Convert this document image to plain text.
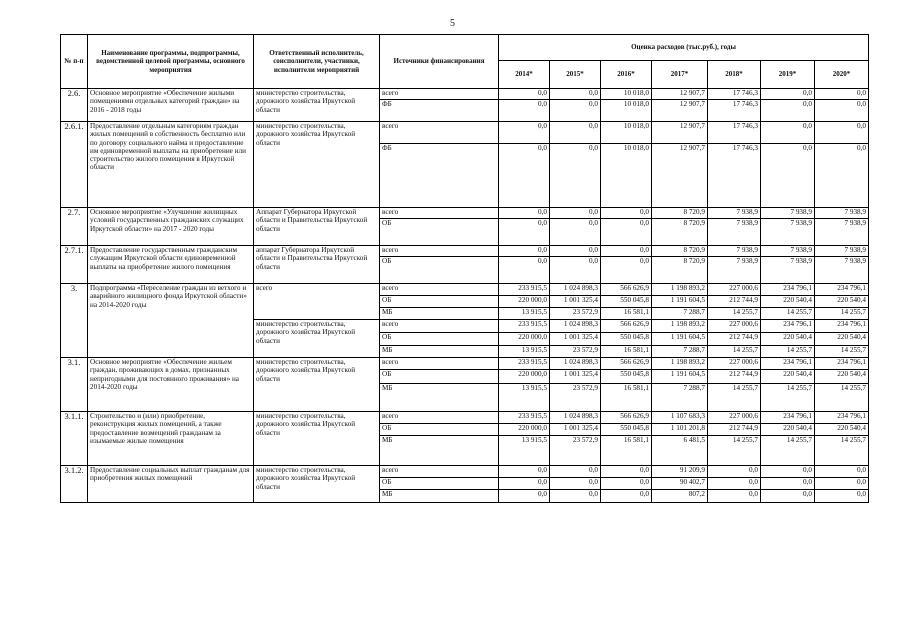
5
№ п-п	Наименование программы, подпрограммы, ведомственной целевой программы, основного мероприятия	Ответственный исполнитель, соисполнители, участники, исполнители мероприятий	Источники финансирования	Оценка расходов (тыс.руб.), годы						
				2014*	2015*	2016*	2017*	2018*	2019*	2020*
2.6.	Основное мероприятие «Обеспечение жилыми помещениями отдельных категорий граждан» на 2016 - 2018 годы	министерство строительства, дорожного хозяйства Иркутской области	всего	0,0	0,0	10 018,0	12 907,7	17 746,3	0,0	0,0
			ФБ	0,0	0,0	10 018,0	12 907,7	17 746,3	0,0	0,0
2.6.1.	Предоставление отдельным категориям граждан жилых помещений в собственность бесплатно или по договору социального найма и предоставление им единовременной выплаты на приобретение или строительство жилого помещения в Иркутской области	министерство строительства, дорожного хозяйства Иркутской области	всего	0,0	0,0	10 018,0	12 907,7	17 746,3	0,0	0,0
			ФБ	0,0	0,0	10 018,0	12 907,7	17 746,3	0,0	0,0
2.7.	Основное мероприятие «Улучшение жилищных условий государственных гражданских служащих Иркутской области» на 2017 - 2020 годы	Аппарат Губернатора Иркутской области и Правительства Иркутской области	всего	0,0	0,0	0,0	8 720,9	7 938,9	7 938,9	7 938,9
			ОБ	0,0	0,0	0,0	8 720,9	7 938,9	7 938,9	7 938,9
2.7.1.	Предоставление государственным гражданским служащим Иркутской области единовременной выплаты на приобретение жилого помещения	аппарат Губернатора Иркутской области и Правительства Иркутской области	всего	0,0	0,0	0,0	8 720,9	7 938,9	7 938,9	7 938,9
			ОБ	0,0	0,0	0,0	8 720,9	7 938,9	7 938,9	7 938,9
3.	Подпрограмма «Переселение граждан из ветхого и аварийного жилищного фонда Иркутской области» на 2014-2020 годы	всего	всего	233 915,5	1 024 898,3	566 626,9	1 198 893,2	227 000,6	234 796,1	234 796,1
			ОБ	220 000,0	1 001 325,4	550 045,8	1 191 604,5	212 744,9	220 540,4	220 540,4
			МБ	13 915,5	23 572,9	16 581,1	7 288,7	14 255,7	14 255,7	14 255,7
		министерство строительства, дорожного хозяйства Иркутской области	всего	233 915,5	1 024 898,3	566 626,9	1 198 893,2	227 000,6	234 796,1	234 796,1
			ОБ	220 000,0	1 001 325,4	550 045,8	1 191 604,5	212 744,9	220 540,4	220 540,4
			МБ	13 915,5	23 572,9	16 581,1	7 288,7	14 255,7	14 255,7	14 255,7
3.1.	Основное мероприятие «Обеспечение жильем граждан, проживающих в домах, признанных непригодными для постоянного проживания» на 2014-2020 годы	министерство строительства, дорожного хозяйства Иркутской области	всего	233 915,5	1 024 898,3	566 626,9	1 198 893,2	227 000,6	234 796,1	234 796,1
			ОБ	220 000,0	1 001 325,4	550 045,8	1 191 604,5	212 744,9	220 540,4	220 540,4
			МБ	13 915,5	23 572,9	16 581,1	7 288,7	14 255,7	14 255,7	14 255,7
3.1.1.	Строительство и (или) приобретение, реконструкция жилых помещений, а также предоставление возмещений гражданам за изымаемые жилые помещения	министерство строительства, дорожного хозяйства Иркутской области	всего	233 915,5	1 024 898,3	566 626,9	1 107 683,3	227 000,6	234 796,1	234 796,1
			ОБ	220 000,0	1 001 325,4	550 045,8	1 101 201,8	212 744,9	220 540,4	220 540,4
			МБ	13 915,5	23 572,9	16 581,1	6 481,5	14 255,7	14 255,7	14 255,7
3.1.2.	Предоставление социальных выплат гражданам для приобретения жилых помещений	министерство строительства, дорожного хозяйства Иркутской области	всего	0,0	0,0	0,0	91 209,9	0,0	0,0	0,0
			ОБ	0,0	0,0	0,0	90 402,7	0,0	0,0	0,0
			МБ	0,0	0,0	0,0	807,2	0,0	0,0	0,0
